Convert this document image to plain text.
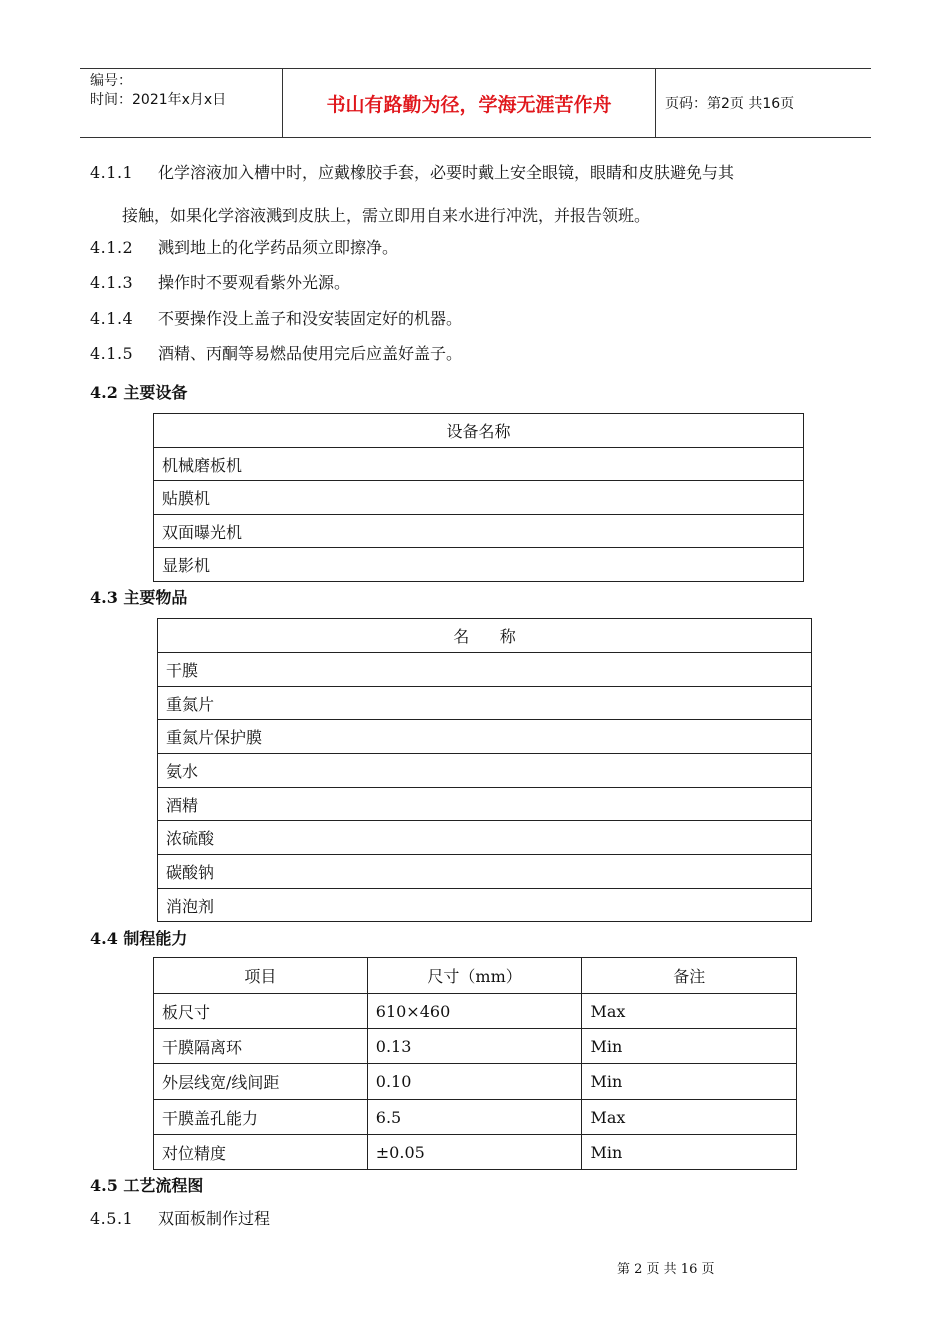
编号：
时间：2021年x月x日	书山有路勤为径，学海无涯苦作舟	页码：第2页 共16页
4.1.1 化学溶液加入槽中时，应戴橡胶手套，必要时戴上安全眼镜，眼睛和皮肤避免与其
接触，如果化学溶液溅到皮肤上，需立即用自来水进行冲洗，并报告领班。
4.1.2 溅到地上的化学药品须立即擦净。
4.1.3 操作时不要观看紫外光源。
4.1.4 不要操作没上盖子和没安装固定好的机器。
4.1.5 酒精、丙酮等易燃品使用完后应盖好盖子。
4.2 主要设备
设备名称
机械磨板机
贴膜机
双面曝光机
显影机
4.3 主要物品
名      称
干膜
重氮片
重氮片保护膜
氨水
酒精
浓硫酸
碳酸钠
消泡剂
4.4 制程能力
项目	尺寸（mm）	备注
板尺寸	610×460	Max
干膜隔离环	0.13	Min
外层线宽/线间距	0.10	Min
干膜盖孔能力	6.5	Max
对位精度	±0.05	Min
4.5 工艺流程图
4.5.1 双面板制作过程
第 2 页 共 16 页
